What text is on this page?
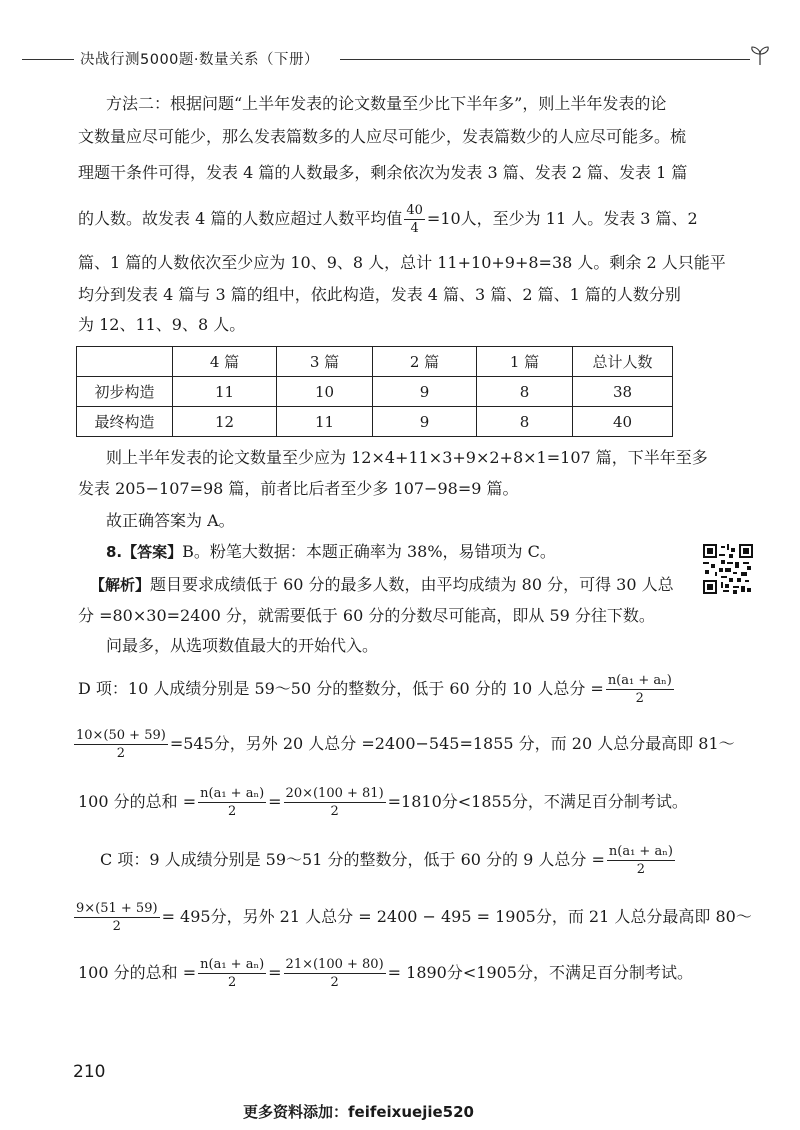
决战行测5000题·数量关系（下册）
方法二：根据问题“上半年发表的论文数量至少比下半年多”，则上半年发表的论
文数量应尽可能少，那么发表篇数多的人应尽可能少，发表篇数少的人应尽可能多。梳
理题干条件可得，发表 4 篇的人数最多，剩余依次为发表 3 篇、发表 2 篇、发表 1 篇
的人数。故发表 4 篇的人数应超过人数平均值 $\frac{40}{4} =10$人，至少为 11 人。发表 3 篇、2
篇、1 篇的人数依次至少应为 10、9、8 人，总计 11+10+9+8=38 人。剩余 2 人只能平
均分到发表 4 篇与 3 篇的组中，依此构造，发表 4 篇、3 篇、2 篇、1 篇的人数分别
为 12、11、9、8 人。
	4 篇	3 篇	2 篇	1 篇	总计人数
初步构造	11	10	9	8	38
最终构造	12	11	9	8	40
则上半年发表的论文数量至少应为 12×4+11×3+9×2+8×1=107 篇，下半年至多
发表 205−107=98 篇，前者比后者至少多 107−98=9 篇。
故正确答案为 A。
8.【答案】B。粉笔大数据：本题正确率为 38%，易错项为 C。
【解析】题目要求成绩低于 60 分的最多人数，由平均成绩为 80 分，可得 30 人总
分 =80×30=2400 分，就需要低于 60 分的分数尽可能高，即从 59 分往下数。
问最多，从选项数值最大的开始代入。
D 项：10 人成绩分别是 59～50 分的整数分，低于 60 分的 10 人总分 = $\frac{\text{n(a₁ + aₙ)}}{2}$
$\frac{10\times(50 + 59)}{2} =545$分，另外 20 人总分 =2400−545=1855 分，而 20 人总分最高即 81～
100 分的总和 = $\frac{\text{n(a₁ + aₙ)}}{2} = \frac{20\times(100 + 81)}{2} =1810$分<1855分，不满足百分制考试。
C 项：9 人成绩分别是 59～51 分的整数分，低于 60 分的 9 人总分 = $\frac{\text{n(a₁ + aₙ)}}{2}$
$\frac{9\times(51 + 59)}{2} = 495$分，另外 21 人总分 = 2400 − 495 = 1905分，而 21 人总分最高即 80～
100 分的总和 = $\frac{\text{n(a₁ + aₙ)}}{2} = \frac{21\times(100 + 80)}{2} = 1890$分<1905分，不满足百分制考试。
210
更多资料添加：feifeixuejie520
